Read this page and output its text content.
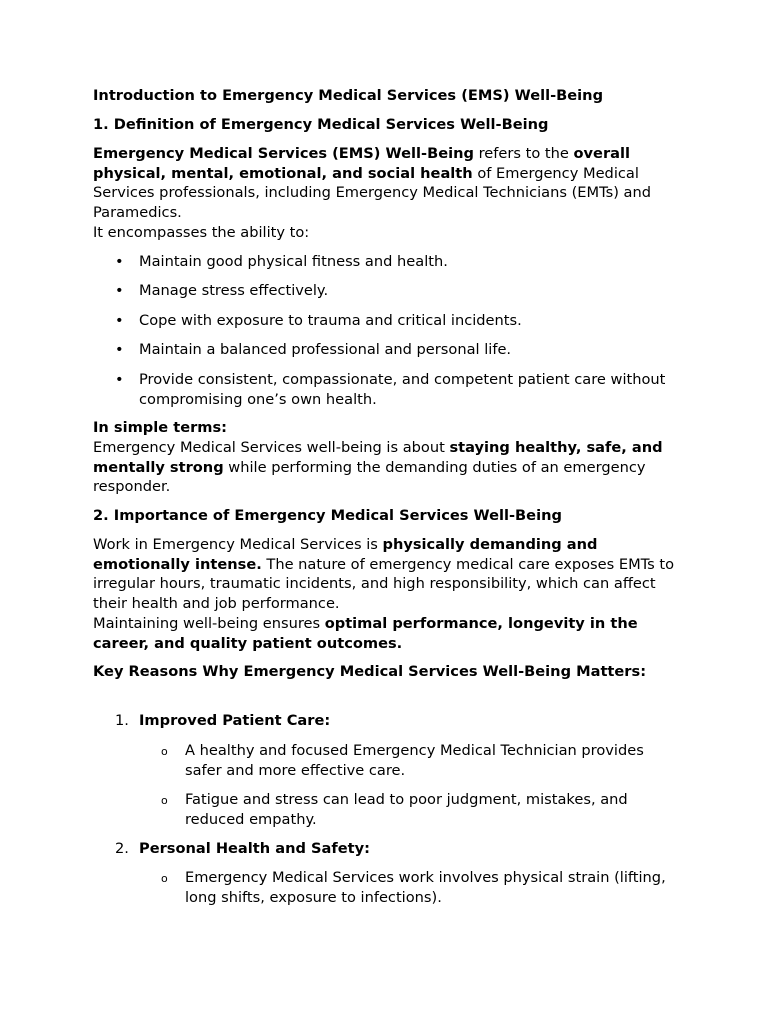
Introduction to Emergency Medical Services (EMS) Well-Being

1. Definition of Emergency Medical Services Well-Being

Emergency Medical Services (EMS) Well-Being refers to the overall physical, mental, emotional, and social health of Emergency Medical Services professionals, including Emergency Medical Technicians (EMTs) and Paramedics.

It encompasses the ability to:

• Maintain good physical fitness and health.
• Manage stress effectively.
• Cope with exposure to trauma and critical incidents.
• Maintain a balanced professional and personal life.
• Provide consistent, compassionate, and competent patient care without compromising one’s own health.

In simple terms:

Emergency Medical Services well-being is about staying healthy, safe, and mentally strong while performing the demanding duties of an emergency responder.

2. Importance of Emergency Medical Services Well-Being

Work in Emergency Medical Services is physically demanding and emotionally intense. The nature of emergency medical care exposes EMTs to irregular hours, traumatic incidents, and high responsibility, which can affect their health and job performance.

Maintaining well-being ensures optimal performance, longevity in the career, and quality patient outcomes.

Key Reasons Why Emergency Medical Services Well-Being Matters:

1. Improved Patient Care:
o A healthy and focused Emergency Medical Technician provides safer and more effective care.
o Fatigue and stress can lead to poor judgment, mistakes, and reduced empathy.
2. Personal Health and Safety:
o Emergency Medical Services work involves physical strain (lifting, long shifts, exposure to infections).
